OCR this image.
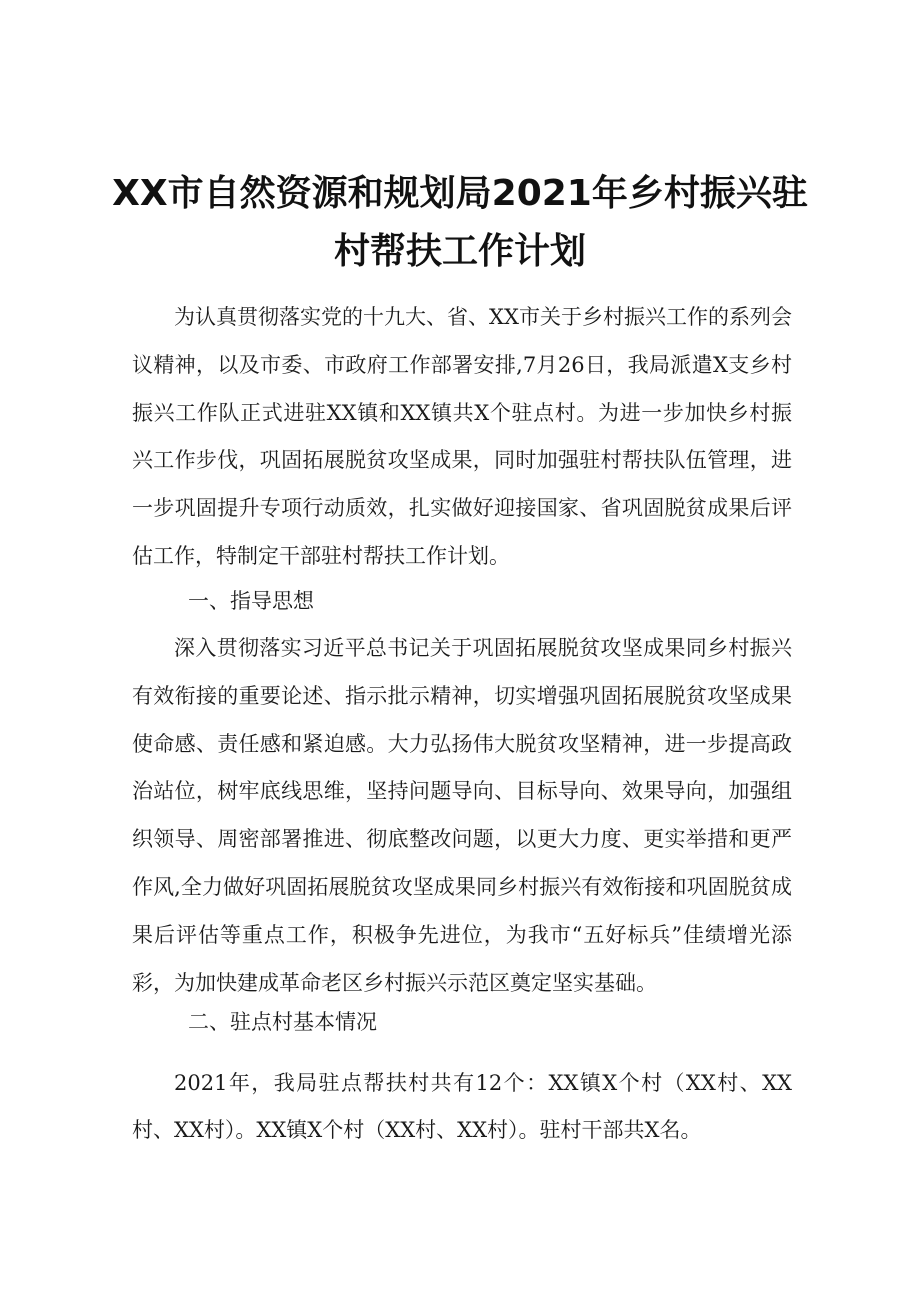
XX市自然资源和规划局2021年乡村振兴驻
村帮扶工作计划

为认真贯彻落实党的十九大、省、XX市关于乡村振兴工作的系列会议精神，以及市委、市政府工作部署安排,7月26日，我局派遣X支乡村振兴工作队正式进驻XX镇和XX镇共X个驻点村。为进一步加快乡村振兴工作步伐，巩固拓展脱贫攻坚成果，同时加强驻村帮扶队伍管理，进一步巩固提升专项行动质效，扎实做好迎接国家、省巩固脱贫成果后评估工作，特制定干部驻村帮扶工作计划。

一、指导思想

深入贯彻落实习近平总书记关于巩固拓展脱贫攻坚成果同乡村振兴有效衔接的重要论述、指示批示精神，切实增强巩固拓展脱贫攻坚成果使命感、责任感和紧迫感。大力弘扬伟大脱贫攻坚精神，进一步提高政治站位，树牢底线思维，坚持问题导向、目标导向、效果导向，加强组织领导、周密部署推进、彻底整改问题，以更大力度、更实举措和更严作风,全力做好巩固拓展脱贫攻坚成果同乡村振兴有效衔接和巩固脱贫成果后评估等重点工作，积极争先进位，为我市“五好标兵”佳绩增光添彩，为加快建成革命老区乡村振兴示范区奠定坚实基础。

二、驻点村基本情况

2021年，我局驻点帮扶村共有12个：XX镇X个村（XX村、XX村、XX村）。XX镇X个村（XX村、XX村）。驻村干部共X名。
